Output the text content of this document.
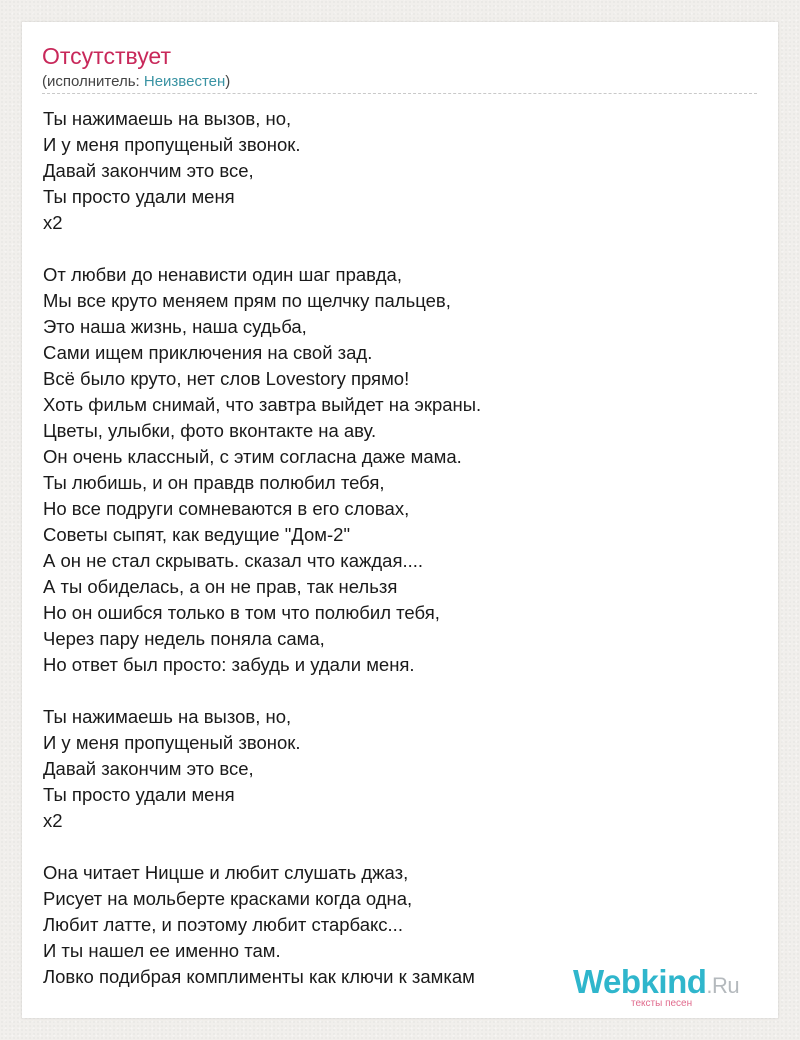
Отсутствует
(исполнитель: Неизвестен)
Ты нажимаешь на вызов, но,
И у меня пропущеный звонок.
Давай закончим это все,
Ты просто удали меня
x2
От любви до ненависти один шаг правда,
Мы все круто меняем прям по щелчку пальцев,
Это наша жизнь, наша судьба,
Сами ищем приключения на свой зад.
Всё было круто, нет слов Lovestory прямо!
Хоть фильм снимай, что завтра выйдет на экраны.
Цветы, улыбки, фото вконтакте на аву.
Он очень классный, с этим согласна даже мама.
Ты любишь, и он правдв полюбил тебя,
Но все подруги сомневаются в его словах,
Советы сыпят, как ведущие "Дом-2"
А он не стал скрывать. сказал что каждая....
А ты обиделась, а он не прав, так нельзя
Но он ошибся только в том что полюбил тебя,
Через пару недель поняла сама,
Но ответ был просто: забудь и удали меня.
Ты нажимаешь на вызов, но,
И у меня пропущеный звонок.
Давай закончим это все,
Ты просто удали меня
x2
Она читает Ницше и любит слушать джаз,
Рисует на мольберте красками когда одна,
Любит латте, и поэтому любит старбакс...
И ты нашел ее именно там.
Ловко подибрая комплименты как ключи к замкам	Webkind.Ru
тексты песен
